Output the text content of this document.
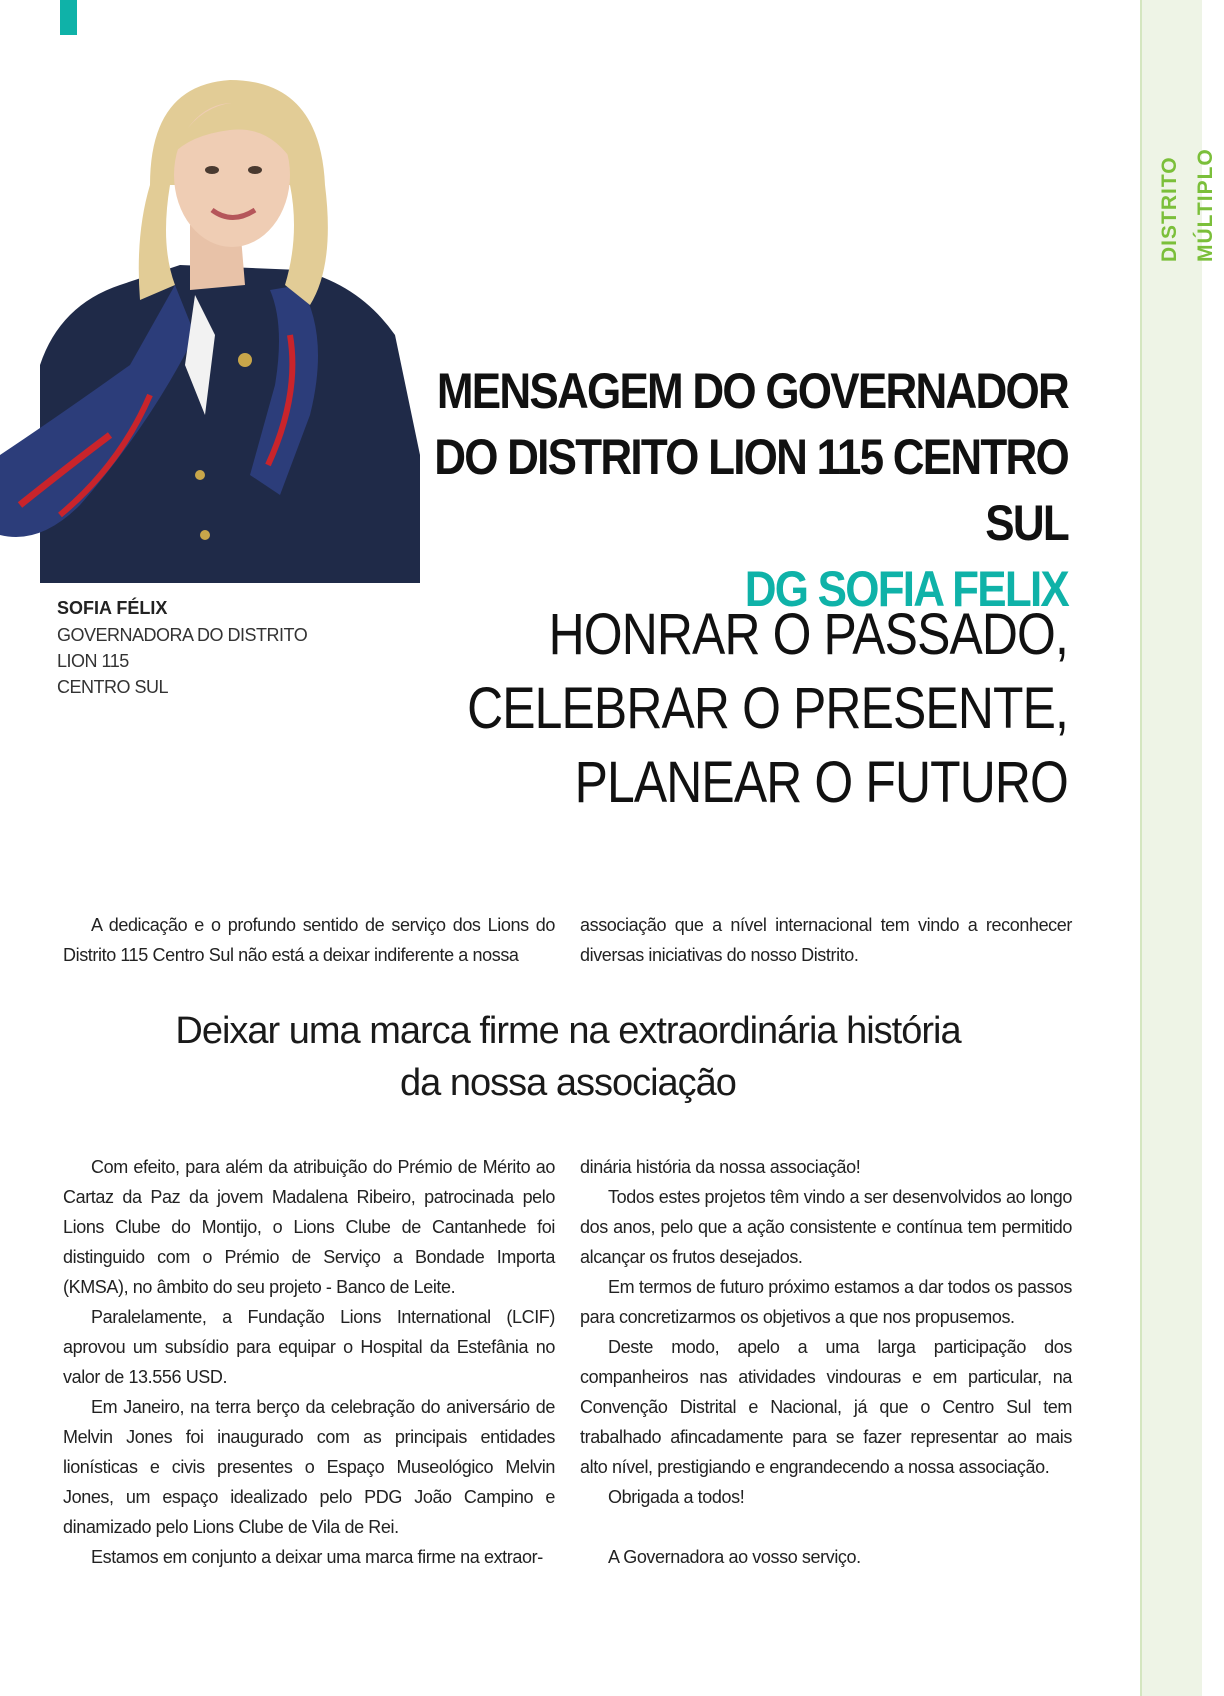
DISTRITO MÚLTIPLO
SOFIA FÉLIX
GOVERNADORA DO DISTRITO LION 115
CENTRO SUL
MENSAGEM DO GOVERNADOR
DO DISTRITO LION 115 CENTRO SUL
DG SOFIA FELIX
HONRAR O PASSADO,
CELEBRAR O PRESENTE,
PLANEAR O FUTURO

A dedicação e o profundo sentido de serviço dos Lions do Distrito 115 Centro Sul não está a deixar indiferente a nossa

associação que a nível internacional tem vindo a reconhecer diversas iniciativas do nosso Distrito.

Deixar uma marca firme na extraordinária história
da nossa associação

Com efeito, para além da atribuição do Prémio de Mérito ao Cartaz da Paz da jovem Madalena Ribeiro, patrocinada pelo Lions Clube do Montijo, o Lions Clube de Cantanhede foi distinguido com o Prémio de Serviço a Bondade Importa (KMSA), no âmbito do seu projeto - Banco de Leite.

Paralelamente, a Fundação Lions International (LCIF) aprovou um subsídio para equipar o Hospital da Estefânia no valor de 13.556 USD.

Em Janeiro, na terra berço da celebração do aniversário de Melvin Jones foi inaugurado com as principais entidades lionísticas e civis presentes o Espaço Museológico Melvin Jones, um espaço idealizado pelo PDG João Campino e dinamizado pelo Lions Clube de Vila de Rei.

Estamos em conjunto a deixar uma marca firme na extraor-

dinária história da nossa associação!

Todos estes projetos têm vindo a ser desenvolvidos ao longo dos anos, pelo que a ação consistente e contínua tem permitido alcançar os frutos desejados.

Em termos de futuro próximo estamos a dar todos os passos para concretizarmos os objetivos a que nos propusemos.

Deste modo, apelo a uma larga participação dos companheiros nas atividades vindouras e em particular, na Convenção Distrital e Nacional, já que o Centro Sul tem trabalhado afincadamente para se fazer representar ao mais alto nível, prestigiando e engrandecendo a nossa associação.

Obrigada a todos!

A Governadora ao vosso serviço.
